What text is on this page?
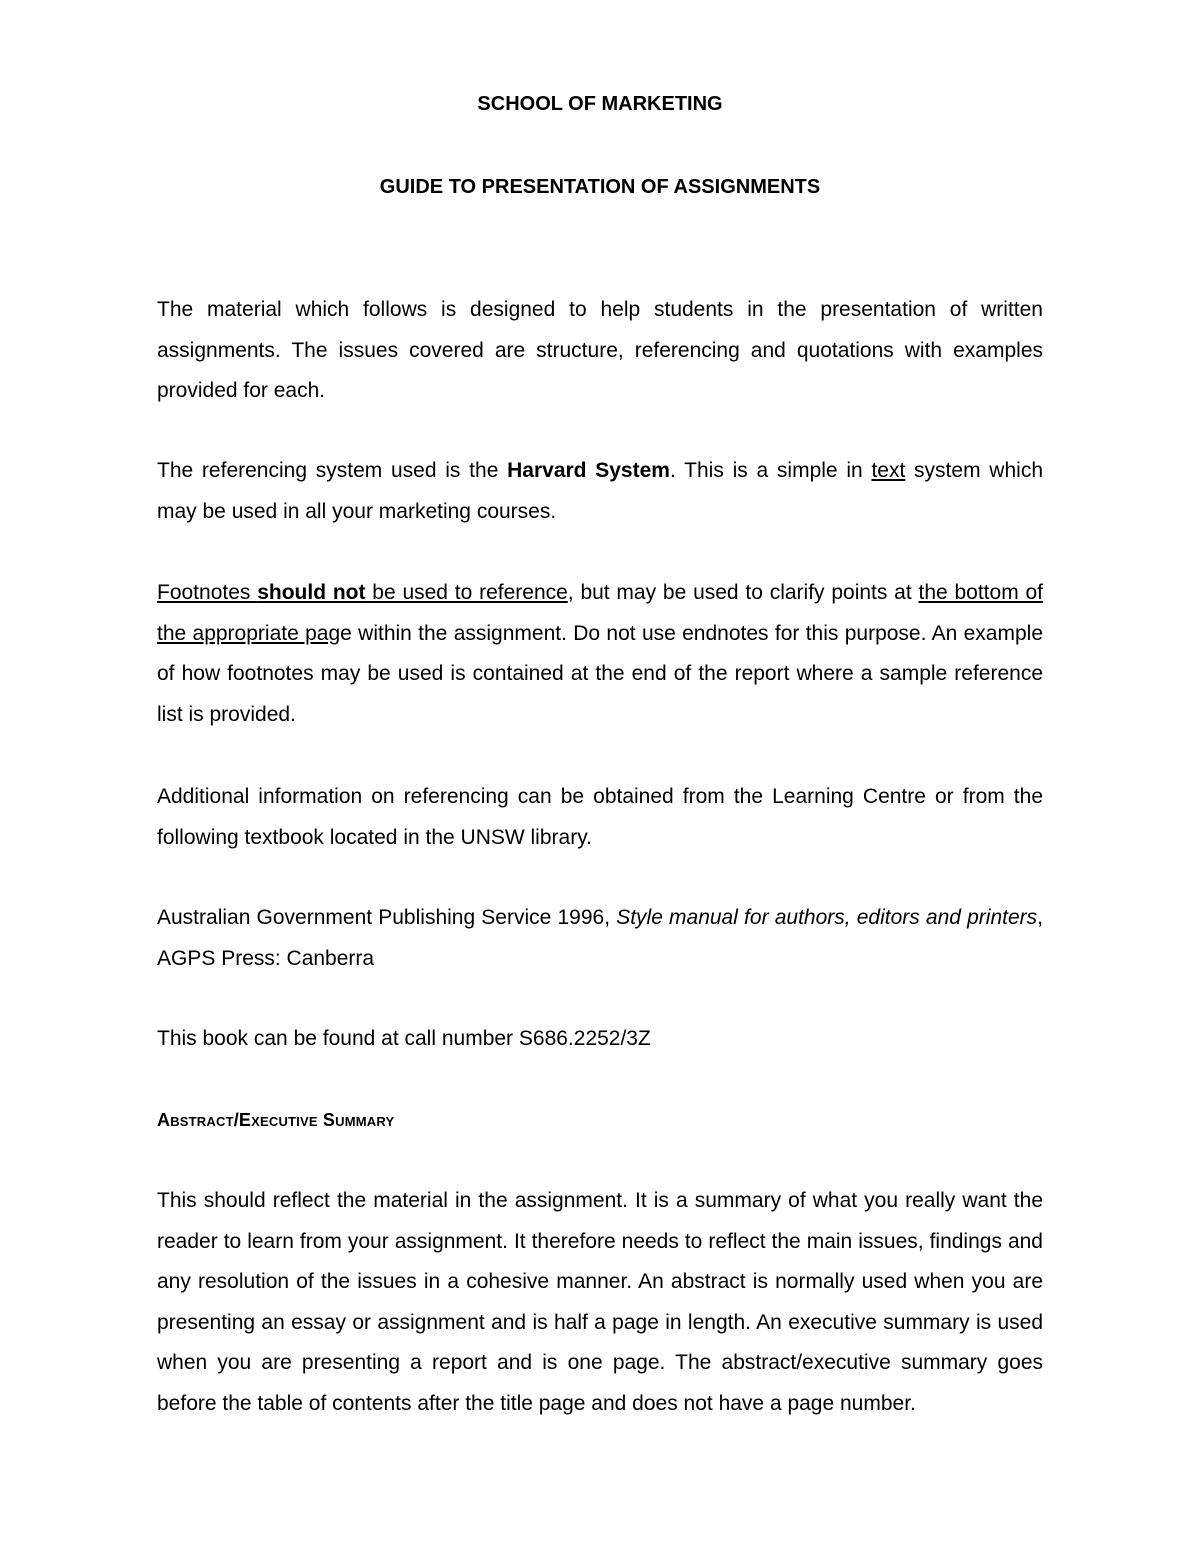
SCHOOL OF MARKETING
GUIDE TO PRESENTATION OF ASSIGNMENTS

The material which follows is designed to help students in the presentation of written assignments. The issues covered are structure, referencing and quotations with examples provided for each.

The referencing system used is the Harvard System. This is a simple in text system which may be used in all your marketing courses.

Footnotes should not be used to reference, but may be used to clarify points at the bottom of the appropriate page within the assignment. Do not use endnotes for this purpose. An example of how footnotes may be used is contained at the end of the report where a sample reference list is provided.

Additional information on referencing can be obtained from the Learning Centre or from the following textbook located in the UNSW library.

Australian Government Publishing Service 1996, Style manual for authors, editors and printers, AGPS Press: Canberra

This book can be found at call number S686.2252/3Z

Abstract/Executive Summary

This should reflect the material in the assignment. It is a summary of what you really want the reader to learn from your assignment. It therefore needs to reflect the main issues, findings and any resolution of the issues in a cohesive manner. An abstract is normally used when you are presenting an essay or assignment and is half a page in length. An executive summary is used when you are presenting a report and is one page. The abstract/executive summary goes before the table of contents after the title page and does not have a page number.
